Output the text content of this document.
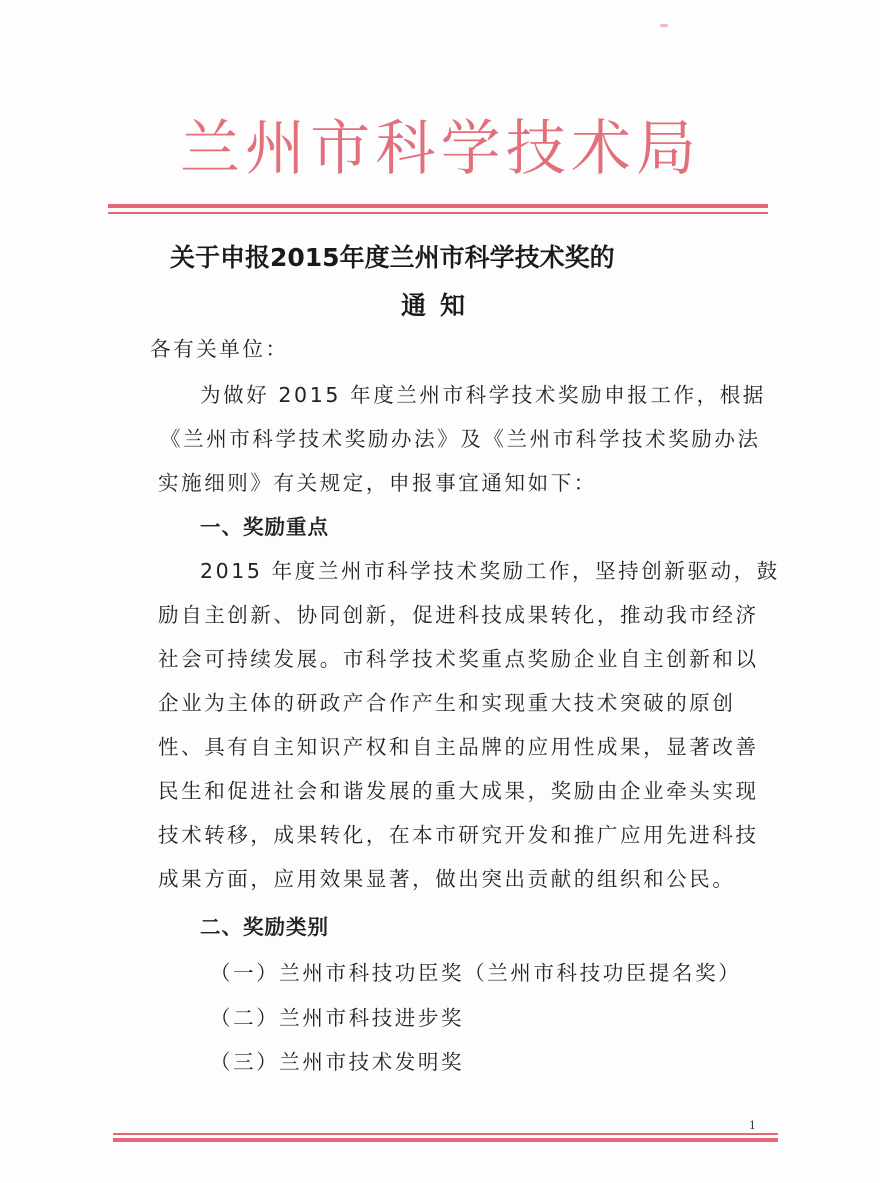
兰州市科学技术局
关于申报2015年度兰州市科学技术奖的
通知
各有关单位：
为做好 2015 年度兰州市科学技术奖励申报工作，根据
《兰州市科学技术奖励办法》及《兰州市科学技术奖励办法
实施细则》有关规定，申报事宜通知如下：
一、奖励重点
2015 年度兰州市科学技术奖励工作，坚持创新驱动，鼓
励自主创新、协同创新，促进科技成果转化，推动我市经济
社会可持续发展。市科学技术奖重点奖励企业自主创新和以
企业为主体的研政产合作产生和实现重大技术突破的原创
性、具有自主知识产权和自主品牌的应用性成果，显著改善
民生和促进社会和谐发展的重大成果，奖励由企业牵头实现
技术转移，成果转化，在本市研究开发和推广应用先进科技
成果方面，应用效果显著，做出突出贡献的组织和公民。
二、奖励类别
（一）兰州市科技功臣奖（兰州市科技功臣提名奖）
（二）兰州市科技进步奖
（三）兰州市技术发明奖
1
